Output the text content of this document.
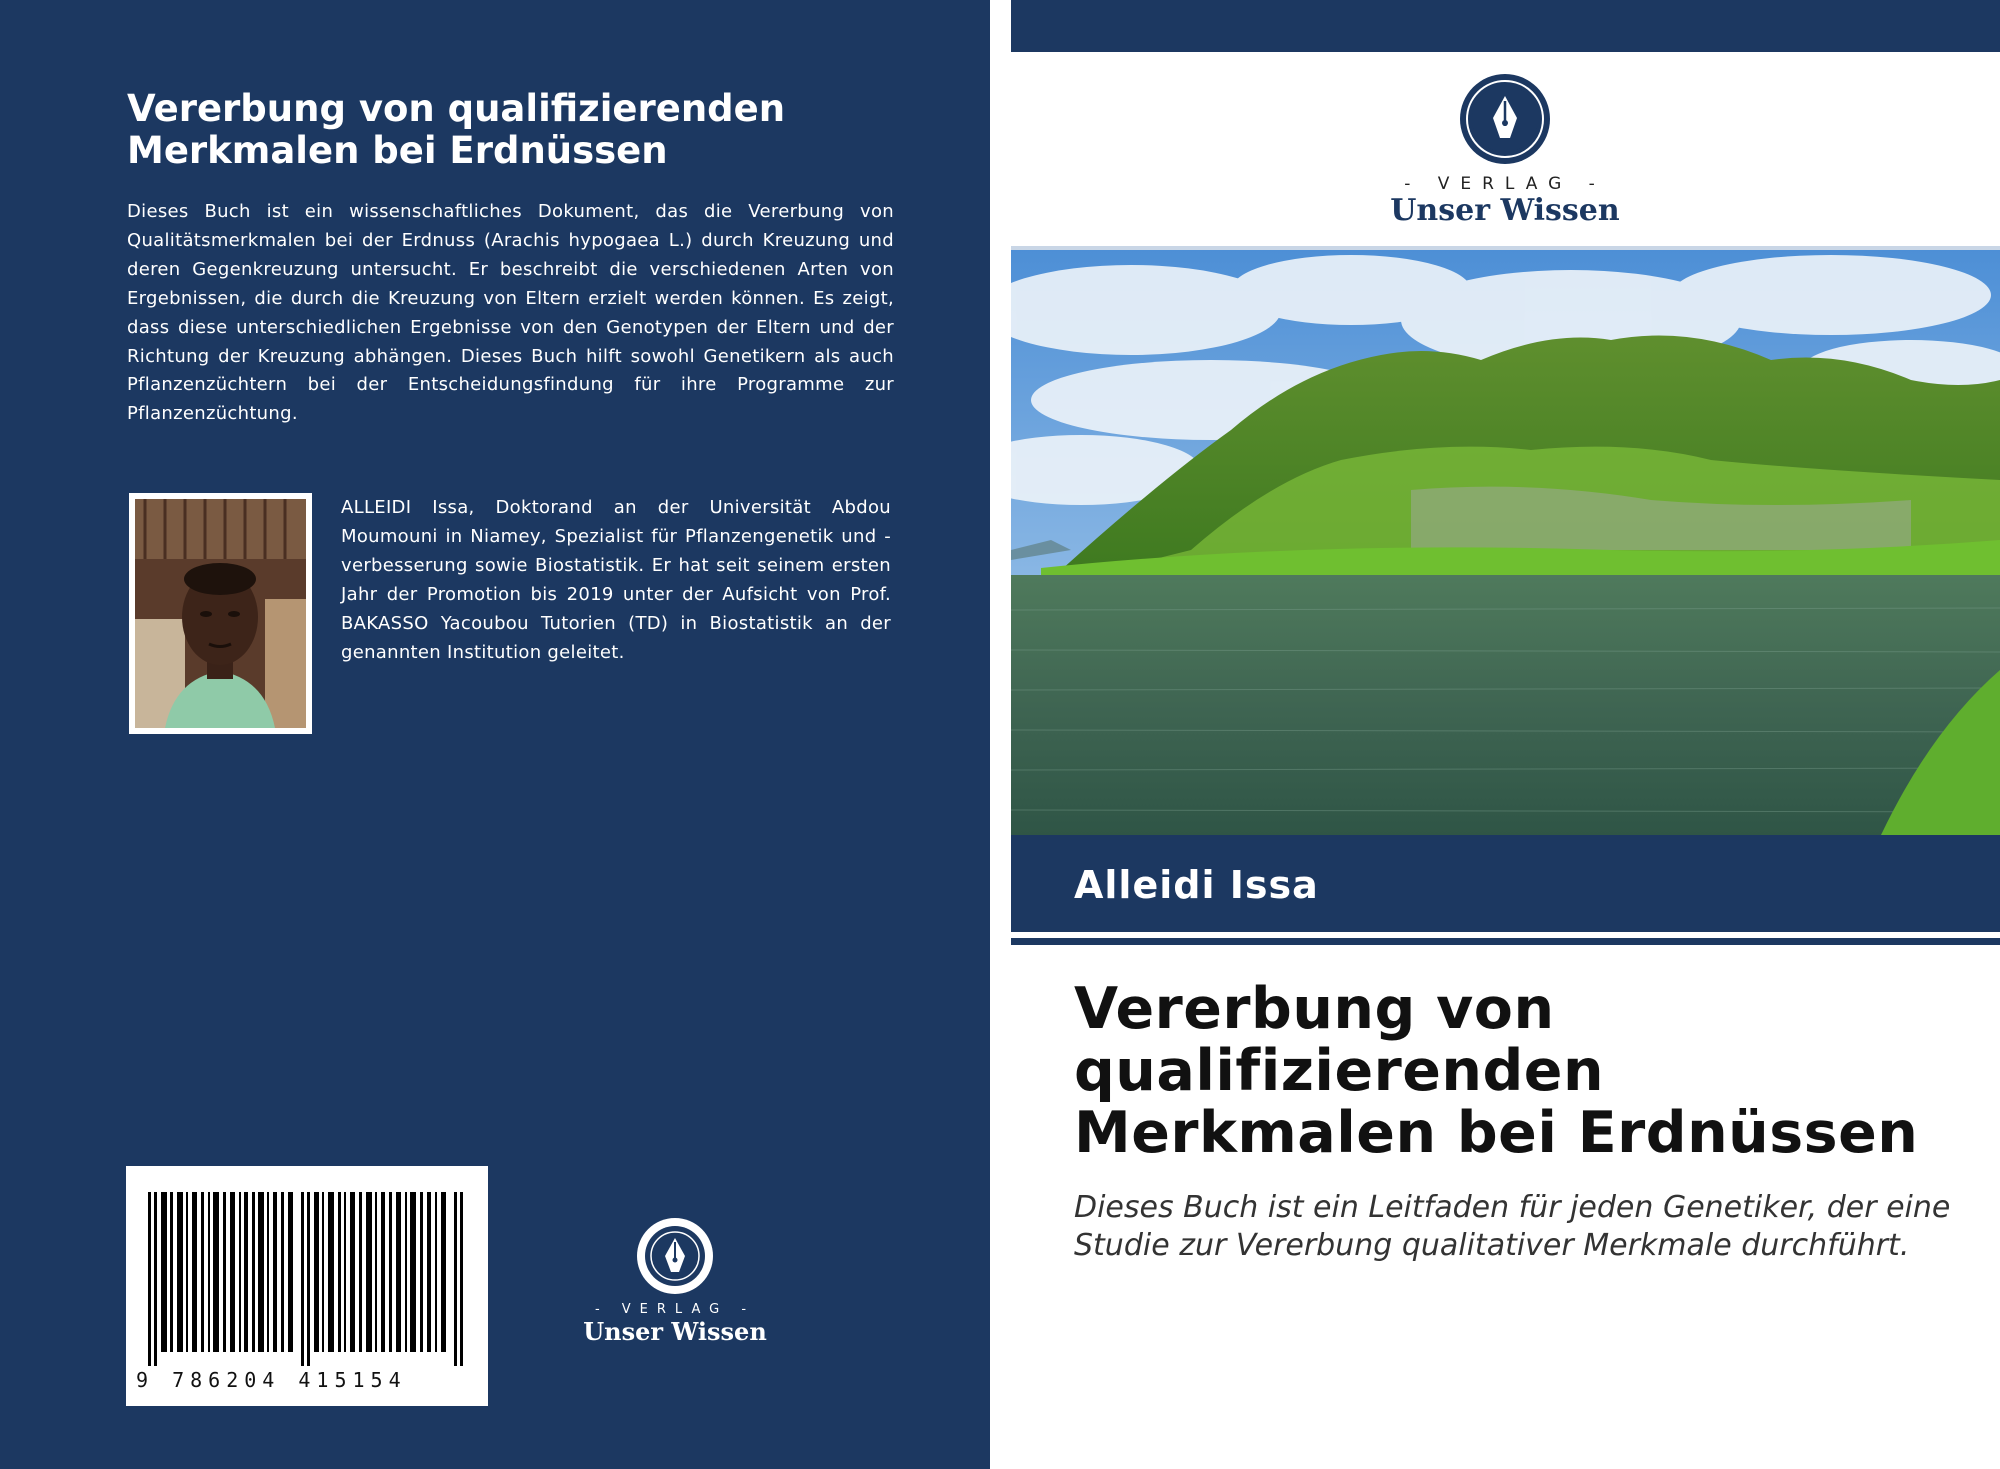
Vererbung von qualifizierenden Merkmalen bei Erdnüssen

Dieses Buch ist ein wissenschaftliches Dokument, das die Vererbung von Qualitätsmerkmalen bei der Erdnuss (Arachis hypogaea L.) durch Kreuzung und deren Gegenkreuzung untersucht. Er beschreibt die verschiedenen Arten von Ergebnissen, die durch die Kreuzung von Eltern erzielt werden können. Es zeigt, dass diese unterschiedlichen Ergebnisse von den Genotypen der Eltern und der Richtung der Kreuzung abhängen. Dieses Buch hilft sowohl Genetikern als auch Pflanzenzüchtern bei der Entscheidungsfindung für ihre Programme zur Pflanzenzüchtung.

ALLEIDI Issa, Doktorand an der Universität Abdou Moumouni in Niamey, Spezialist für Pflanzengenetik und -verbesserung sowie Biostatistik. Er hat seit seinem ersten Jahr der Promotion bis 2019 unter der Aufsicht von Prof. BAKASSO Yacoubou Tutorien (TD) in Biostatistik an der genannten Institution geleitet.

9 786204 415154
- VERLAG -
Unser Wissen
- VERLAG -
Unser Wissen
Alleidi Issa
Vererbung von qualifizierenden Merkmalen bei Erdnüssen

Dieses Buch ist ein Leitfaden für jeden Genetiker, der eine Studie zur Vererbung qualitativer Merkmale durchführt.
